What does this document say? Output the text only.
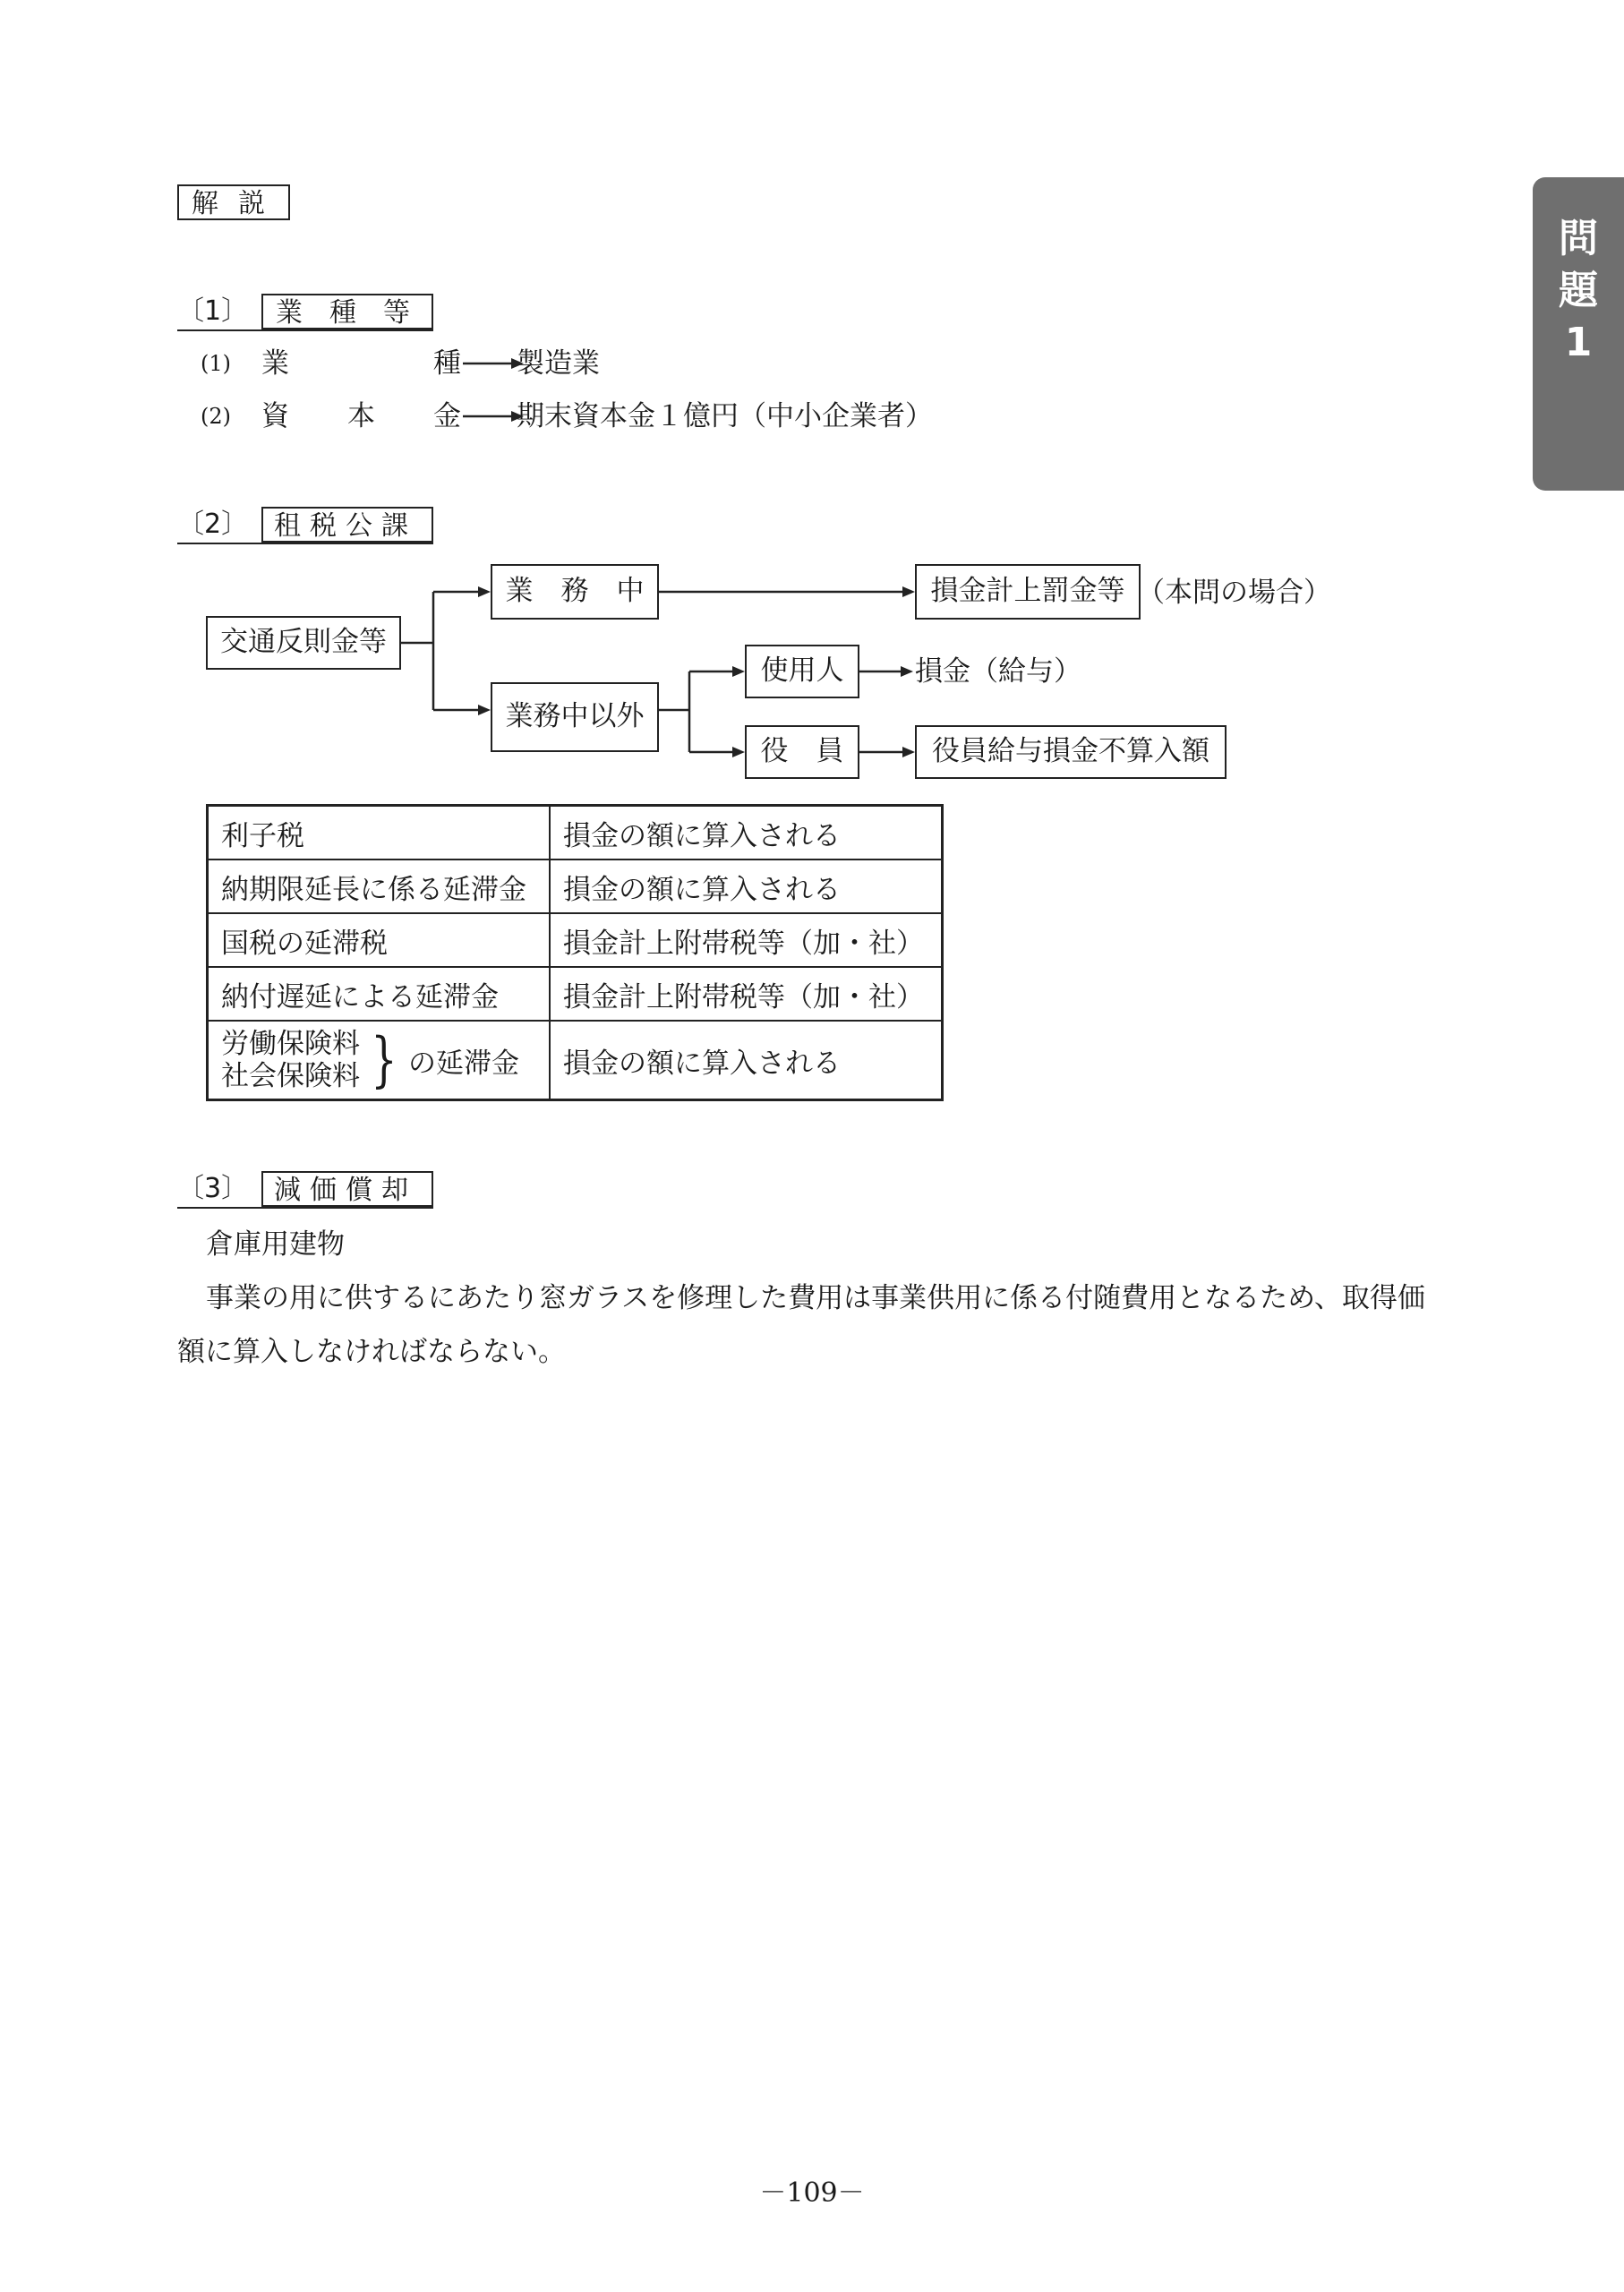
問
題
1
解説
〔1〕	業種等
(1) 業	種 製造業
(2) 資 本 金 期末資本金１億円（中小企業者）
〔2〕 租税公課
交通反則金等
業　務　中	損金計上罰金等 （本問の場合）
業務中以外
使用人	損金（給与）
役　員	役員給与損金不算入額
利子税	損金の額に算入される
納期限延長に係る延滞金	損金の額に算入される
国税の延滞税	損金計上附帯税等（加・社）
納付遅延による延滞金	損金計上附帯税等（加・社）

労働保険料
社会保険料 } の延滞金	損金の額に算入される
〔3〕 減価償却
倉庫用建物
事業の用に供するにあたり窓ガラスを修理した費用は事業供用に係る付随費用となるため、取得価
額に算入しなければならない。
－109－
